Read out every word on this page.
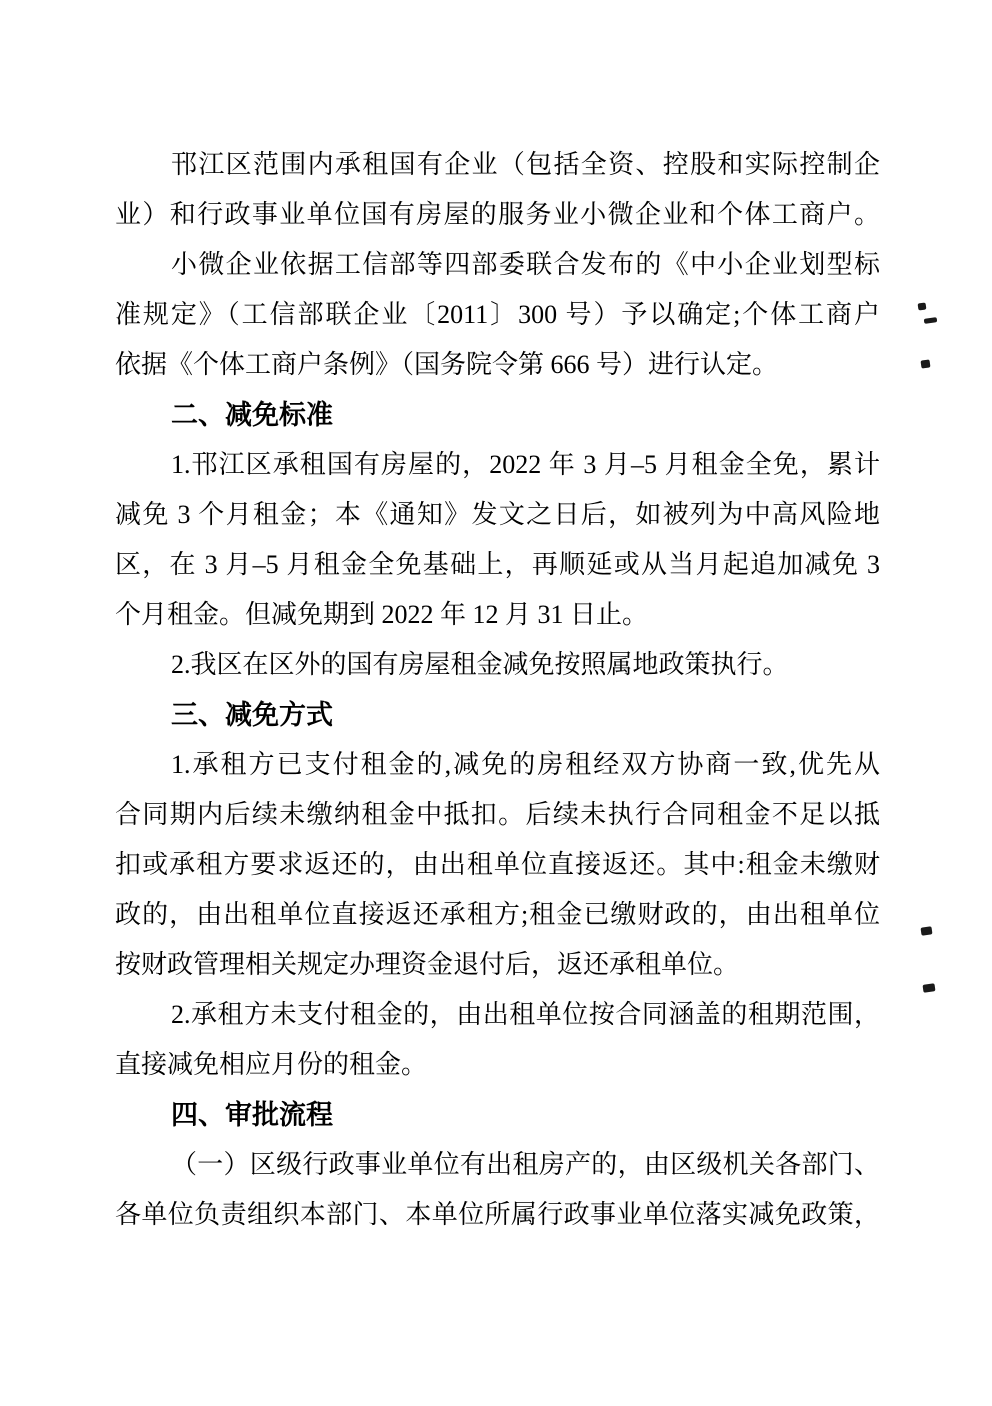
邗江区范围内承租国有企业（包括全资、控股和实际控制企
业）和行政事业单位国有房屋的服务业小微企业和个体工商户。
小微企业依据工信部等四部委联合发布的《中小企业划型标
准规定》（工信部联企业〔2011〕300 号）予以确定;个体工商户
依据《个体工商户条例》（国务院令第 666 号）进行认定。
二、减免标准
1.邗江区承租国有房屋的，2022 年 3 月–5 月租金全免，累计
减免 3 个月租金；本《通知》发文之日后，如被列为中高风险地
区，在 3 月–5 月租金全免基础上，再顺延或从当月起追加减免 3
个月租金。但减免期到 2022 年 12 月 31 日止。
2.我区在区外的国有房屋租金减免按照属地政策执行。
三、减免方式
1.承租方已支付租金的,减免的房租经双方协商一致,优先从
合同期内后续未缴纳租金中抵扣。后续未执行合同租金不足以抵
扣或承租方要求返还的，由出租单位直接返还。其中:租金未缴财
政的，由出租单位直接返还承租方;租金已缴财政的，由出租单位
按财政管理相关规定办理资金退付后，返还承租单位。
2.承租方未支付租金的，由出租单位按合同涵盖的租期范围，
直接减免相应月份的租金。
四、审批流程
（一）区级行政事业单位有出租房产的，由区级机关各部门、
各单位负责组织本部门、本单位所属行政事业单位落实减免政策，
